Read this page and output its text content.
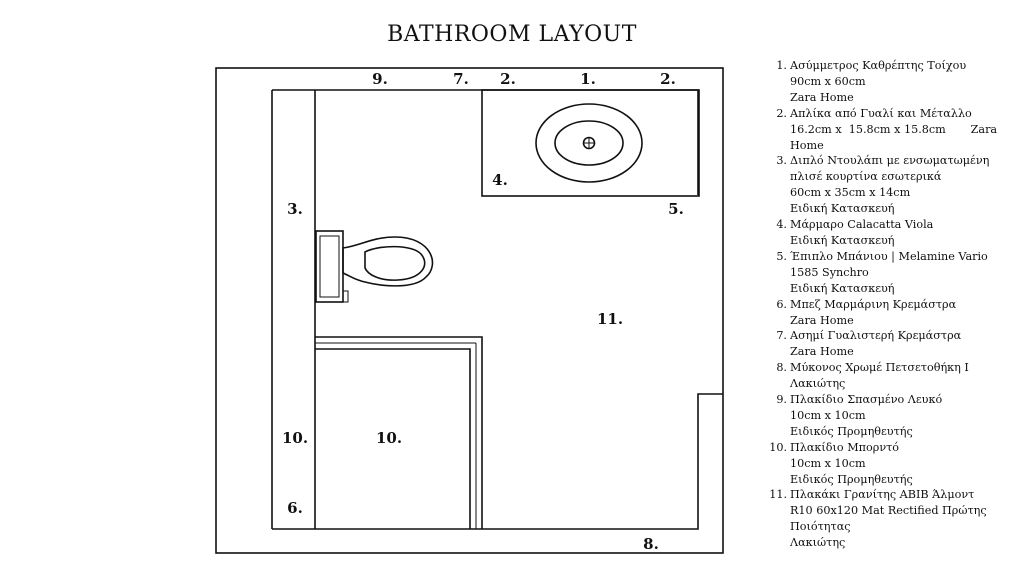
BATHROOM LAYOUT
9.	7. 2.	1.	2.
3.
4.
5.
11.
10.	10.
6.
8.
1. Ασύμμετρος Καθρέπτης Τοίχου
90cm x 60cm
Zara Home
2. Απλίκα από Γυαλί και Μέταλλο
16.2cm x  15.8cm x 15.8cm       Zara
Home
3. Διπλό Ντουλάπι με ενσωματωμένη
πλισέ κουρτίνα εσωτερικά
60cm x 35cm x 14cm
Ειδική Κατασκευή
4. Μάρμαρο Calacatta Viola
Ειδική Κατασκευή
5. Έπιπλο Μπάνιου | Melamine Vario
1585 Synchro
Ειδική Κατασκευή
6. Μπεζ Μαρμάρινη Κρεμάστρα
Zara Home
7. Ασημί Γυαλιστερή Κρεμάστρα
Zara Home
8. Μύκονος Χρωμέ Πετσετοθήκη Ι
Λακιώτης
9. Πλακίδιο Σπασμένο Λευκό
10cm x 10cm
Ειδικός Προμηθευτής
10. Πλακίδιο Μπορντό
10cm x 10cm
Ειδικός Προμηθευτής
11. Πλακάκι Γρανίτης ΑΒΙΒ Άλμοντ
R10 60x120 Mat Rectified Πρώτης
Ποιότητας
Λακιώτης
